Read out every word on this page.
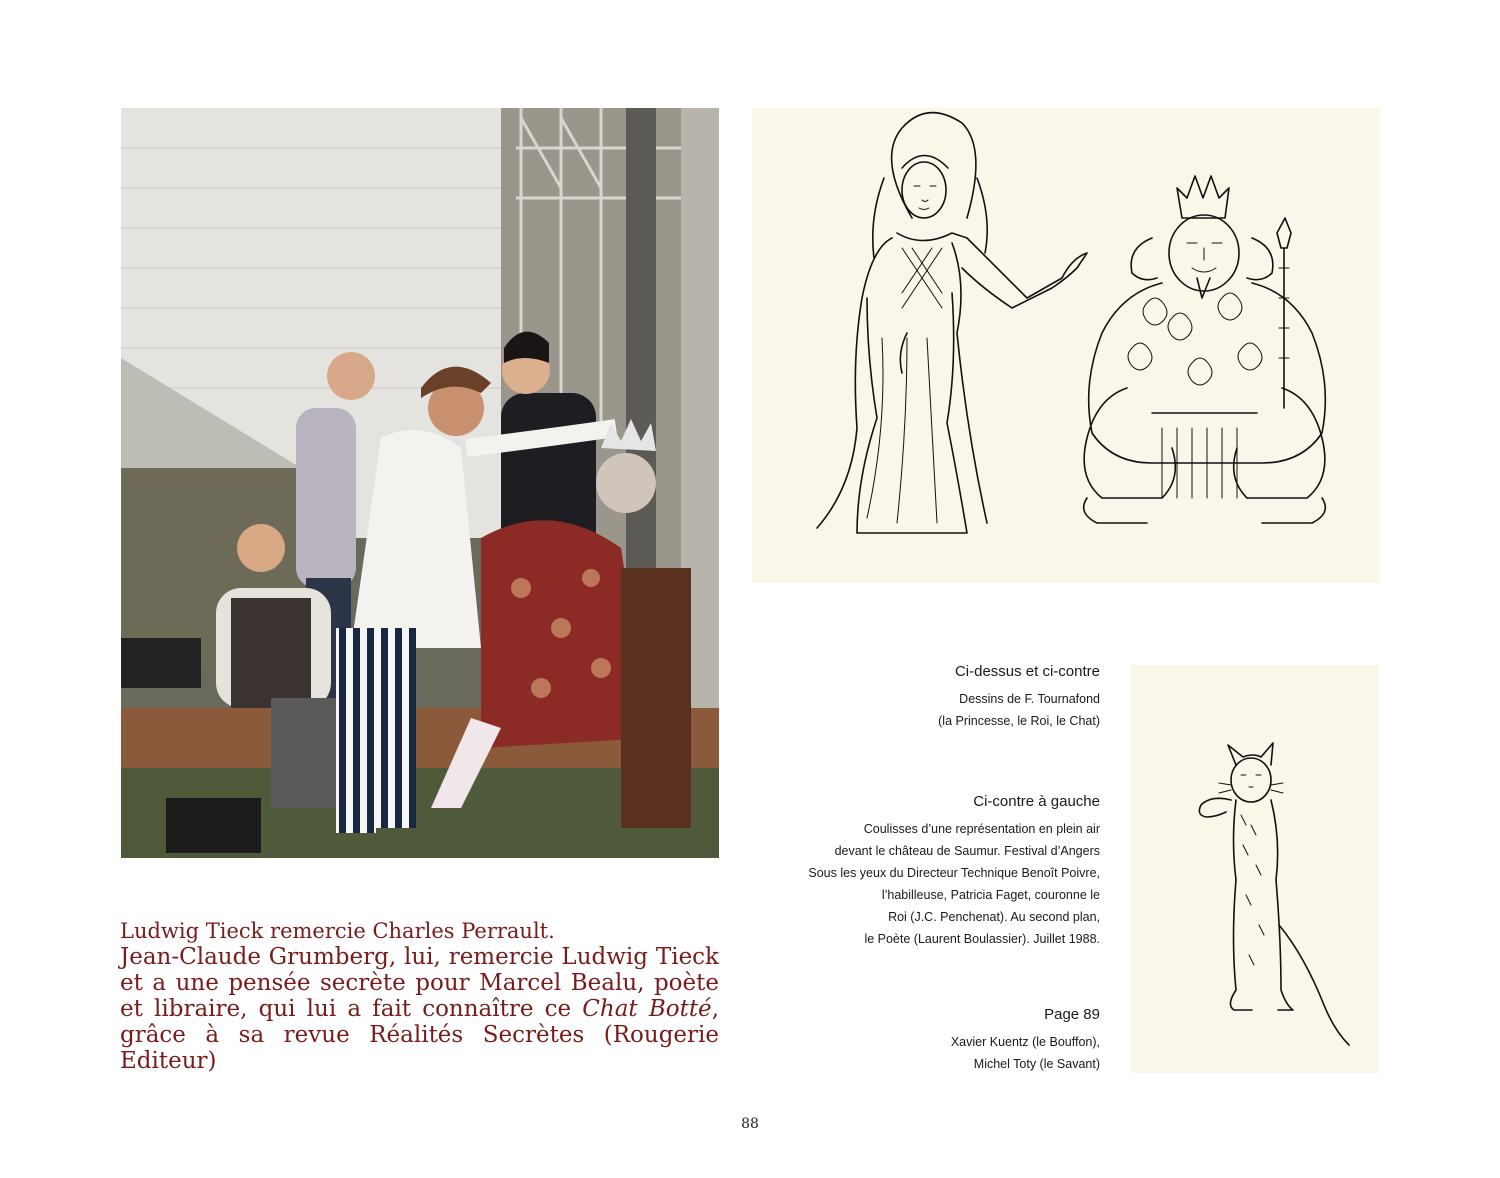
Ludwig Tieck remercie Charles Perrault.

Jean-Claude Grumberg, lui, remercie Ludwig Tieck et a une pensée secrète pour Marcel Bealu, poète et libraire, qui lui a fait connaître ce Chat Botté, grâce à sa revue Réalités Secrètes (Rougerie Editeur)

Ci-dessus et ci-contre

Dessins de F. Tournafond

(la Princesse, le Roi, le Chat)

Ci-contre à gauche

Coulisses d’une représentation en plein air

devant le château de Saumur. Festival d’Angers

Sous les yeux du Directeur Technique Benoît Poivre,

l’habilleuse, Patricia Faget, couronne le

Roi (J.C. Penchenat). Au second plan,

le Poète (Laurent Boulassier). Juillet 1988.

Page 89

Xavier Kuentz (le Bouffon),

Michel Toty (le Savant)

88
